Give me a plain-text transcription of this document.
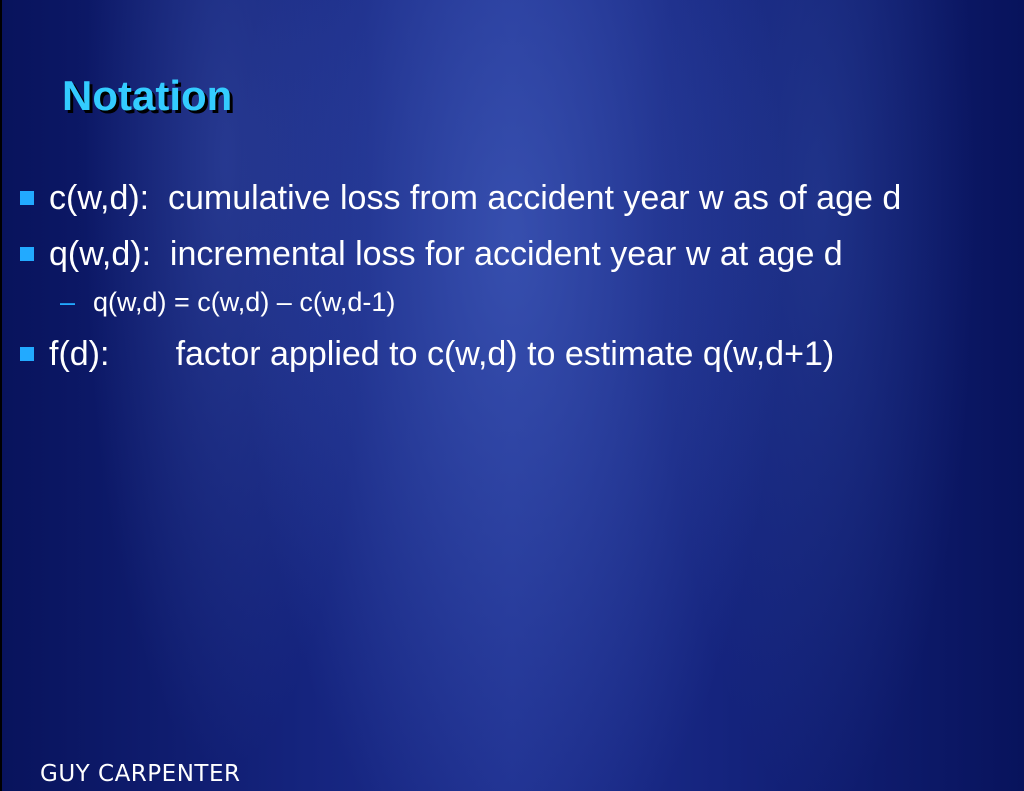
Notation
c(w,d):  cumulative loss from accident year w as of age d
q(w,d):  incremental loss for accident year w at age d
– q(w,d) = c(w,d) – c(w,d-1)
f(d):       factor applied to c(w,d) to estimate q(w,d+1)
GUY CARPENTER
